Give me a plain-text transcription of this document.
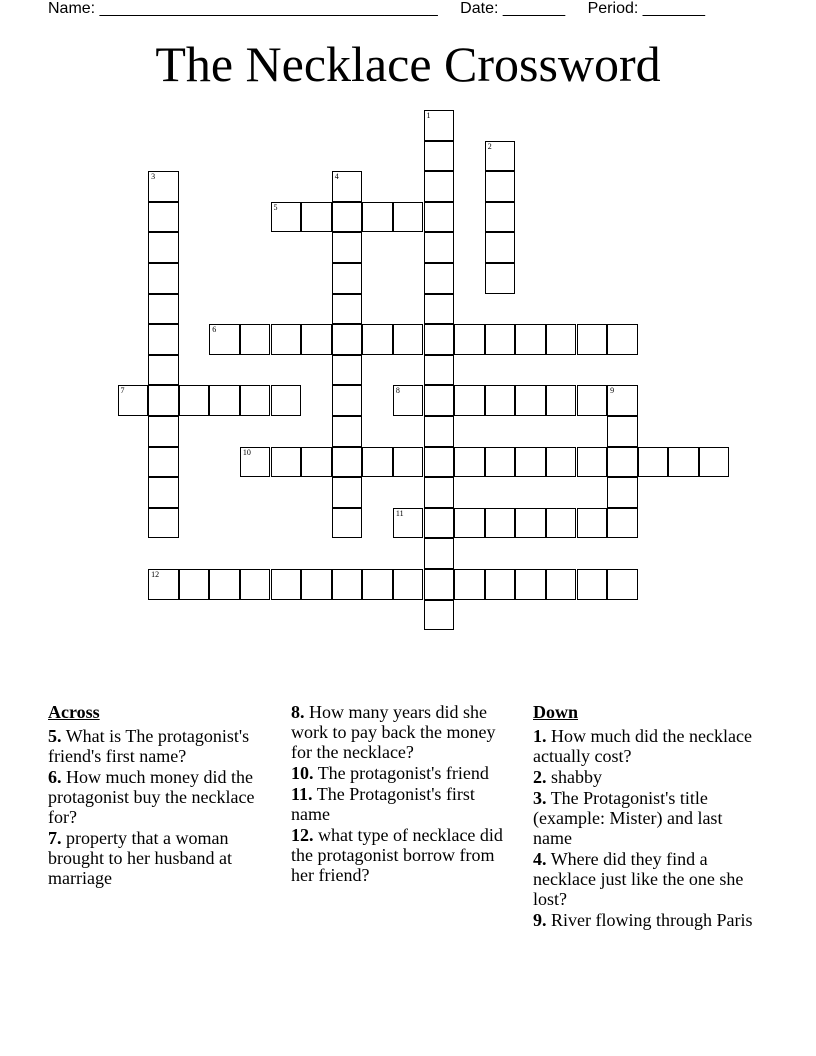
Name: ______________________________________ Date: _______ Period: _______
The Necklace Crossword
1
2
3	4
5
6
7	8	9
10
11
12
Across
5. What is The protagonist's friend's first name?
6. How much money did the protagonist buy the necklace for?
7. property that a woman brought to her husband at marriage
8. How many years did she work to pay back the money for the necklace?
10. The protagonist's friend
11. The Protagonist's first name
12. what type of necklace did the protagonist borrow from her friend?
Down
1. How much did the necklace actually cost?
2. shabby
3. The Protagonist's title (example: Mister) and last name
4. Where did they find a necklace just like the one she lost?
9. River flowing through Paris
